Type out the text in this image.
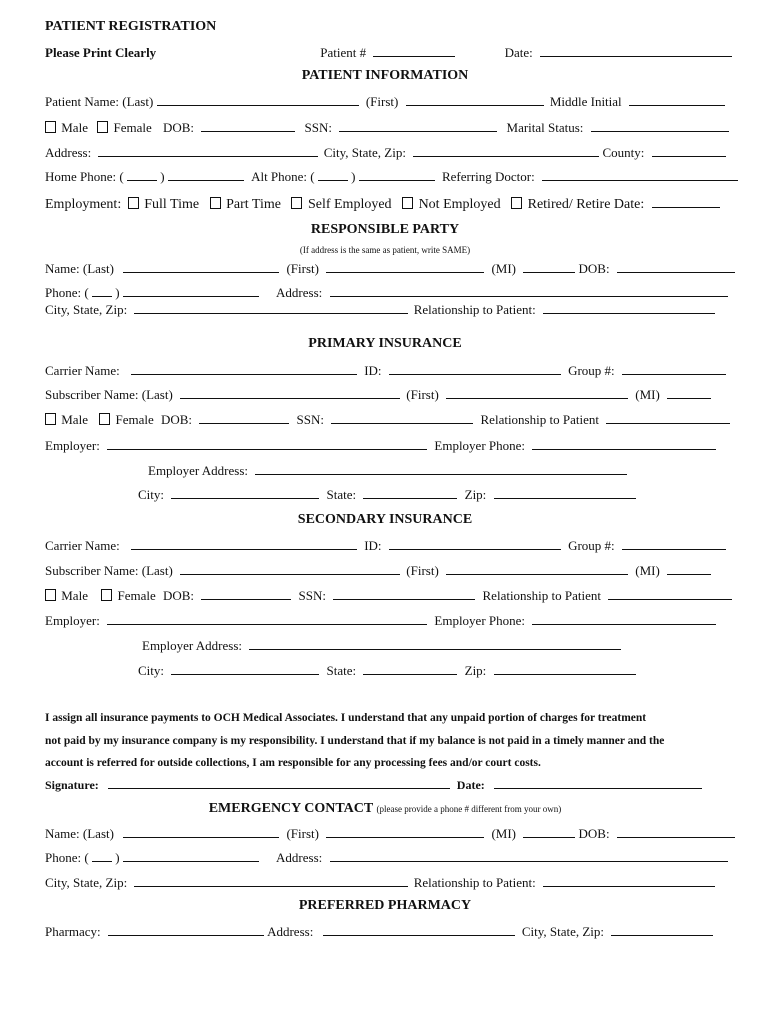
PATIENT REGISTRATION
Please Print Clearly	Patient #	Date:
PATIENT INFORMATION
Patient Name: (Last)	(First)	Middle Initial
Male Female DOB:	SSN:	Marital Status:
Address:	City, State, Zip:	County:
Home Phone: (	)	Alt Phone: (	)	Referring Doctor:
Employment: Full Time Part Time Self Employed Not Employed Retired/ Retire Date:
RESPONSIBLE PARTY
(If address is the same as patient, write SAME)
Name: (Last)	(First)	(MI)	DOB:
Phone: ( )	Address:
City, State, Zip:	Relationship to Patient:
PRIMARY INSURANCE
Carrier Name:	ID:	Group #:
Subscriber Name: (Last)	(First)	(MI)
Male Female DOB:	SSN:	Relationship to Patient
Employer:	Employer Phone:
Employer Address:
City:	State:	Zip:
SECONDARY INSURANCE
Carrier Name:	ID:	Group #:
Subscriber Name: (Last)	(First)	(MI)
Male Female DOB:	SSN:	Relationship to Patient
Employer:	Employer Phone:
Employer Address:
City:	State:	Zip:
I assign all insurance payments to OCH Medical Associates. I understand that any unpaid portion of charges for treatment
not paid by my insurance company is my responsibility. I understand that if my balance is not paid in a timely manner and the
account is referred for outside collections, I am responsible for any processing fees and/or court costs.
Signature:	Date:
EMERGENCY CONTACT (please provide a phone # different from your own)
Name: (Last)	(First)	(MI)	DOB:
Phone: ( )	Address:
City, State, Zip:	Relationship to Patient:
PREFERRED PHARMACY
Pharmacy:	Address:	City, State, Zip:
